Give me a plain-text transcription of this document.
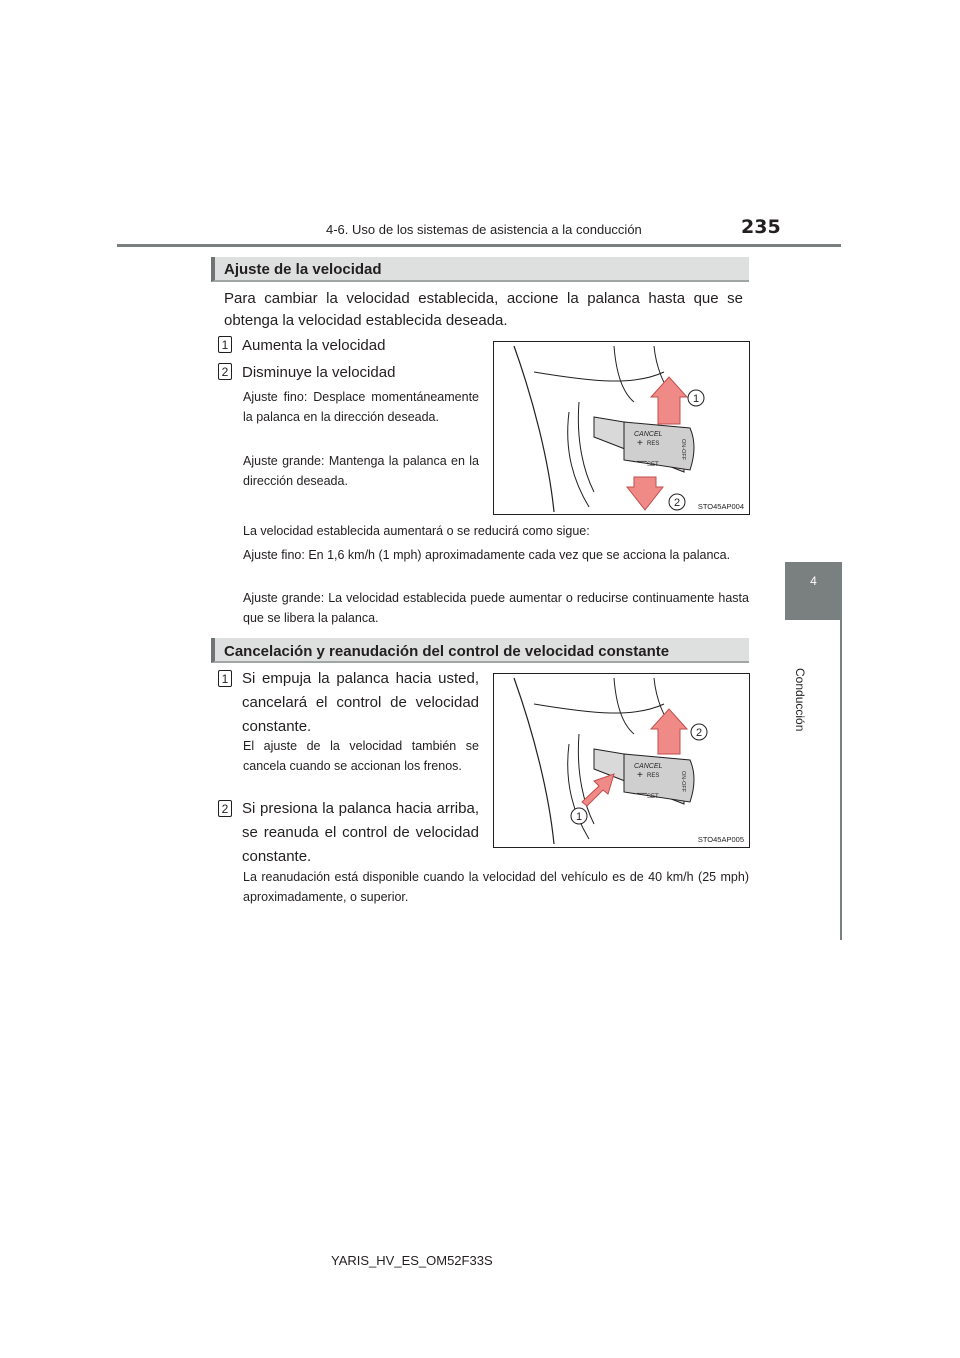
4-6. Uso de los sistemas de asistencia a la conducción	235
4
Conducción
Ajuste de la velocidad
Para cambiar la velocidad establecida, accione la palanca hasta que se obtenga la velocidad establecida deseada.
1 Aumenta la velocidad
2 Disminuye la velocidad
Ajuste fino: Desplace momentáneamente la palanca en la dirección deseada.
Ajuste grande: Mantenga la palanca en la dirección deseada.
CANCEL
+ RES
— SET
ON-OFF
1
2 STO45AP004
La velocidad establecida aumentará o se reducirá como sigue:
Ajuste fino: En 1,6 km/h (1 mph) aproximadamente cada vez que se acciona la palanca.
Ajuste grande: La velocidad establecida puede aumentar o reducirse continuamente hasta que se libera la palanca.
Cancelación y reanudación del control de velocidad constante
1 Si empuja la palanca hacia usted, cancelará el control de velocidad constante.
El ajuste de la velocidad también se cancela cuando se accionan los frenos.
2 Si presiona la palanca hacia arriba, se reanuda el control de velocidad constante.
CANCEL
+ RES
— SET
ON-OFF
2
1
STO45AP005
La reanudación está disponible cuando la velocidad del vehículo es de 40 km/h (25 mph) aproximadamente, o superior.
YARIS_HV_ES_OM52F33S
